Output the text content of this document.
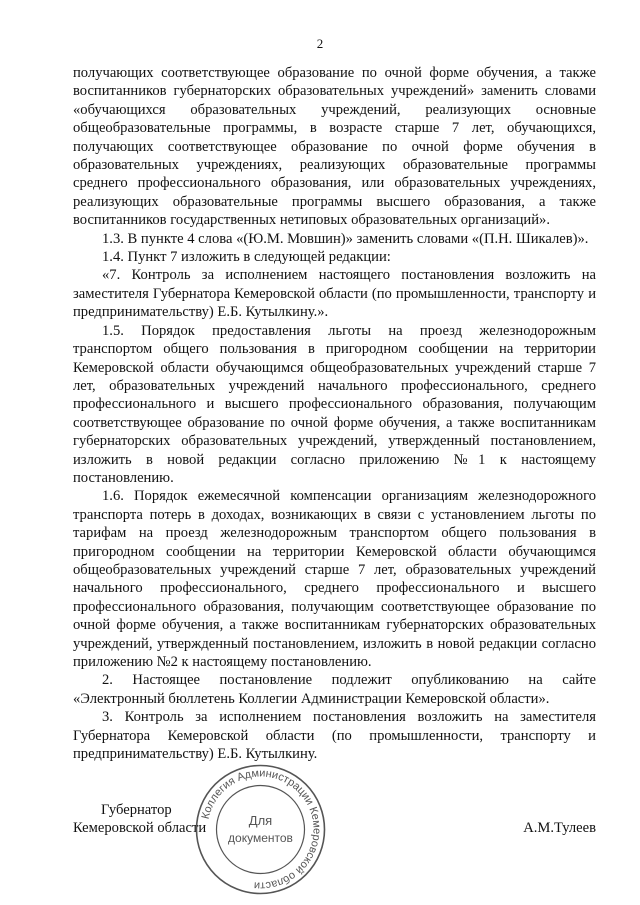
2

получающих соответствующее образование по очной форме обучения, а также воспитанников губернаторских образовательных учреждений» заменить словами «обучающихся образовательных учреждений, реализующих основные общеобразовательные программы, в возрасте старше 7 лет, обучающихся, получающих соответствующее образование по очной форме обучения в образовательных учреждениях, реализующих образовательные программы среднего профессионального образования, или образовательных учреждениях, реализующих образовательные программы высшего образования, а также воспитанников государственных нетиповых образовательных организаций».

1.3. В пункте 4 слова «(Ю.М. Мовшин)» заменить словами «(П.Н. Шикалев)».

1.4. Пункт 7 изложить в следующей редакции:

«7. Контроль за исполнением настоящего постановления возложить на заместителя Губернатора Кемеровской области (по промышленности, транспорту и предпринимательству) Е.Б. Кутылкину.».

1.5. Порядок предоставления льготы на проезд железнодорожным транспортом общего пользования в пригородном сообщении на территории Кемеровской области обучающимся общеобразовательных учреждений старше 7 лет, образовательных учреждений начального профессионального, среднего профессионального и высшего профессионального образования, получающим соответствующее образование по очной форме обучения, а также воспитанникам губернаторских образовательных учреждений, утвержденный постановлением, изложить в новой редакции согласно приложению №1 к настоящему постановлению.

1.6. Порядок ежемесячной компенсации организациям железнодорожного транспорта потерь в доходах, возникающих в связи с установлением льготы по тарифам на проезд железнодорожным транспортом общего пользования в пригородном сообщении на территории Кемеровской области обучающимся общеобразовательных учреждений старше 7 лет, образовательных учреждений начального профессионального, среднего профессионального и высшего профессионального образования, получающим соответствующее образование по очной форме обучения, а также воспитанникам губернаторских образовательных учреждений, утвержденный постановлением, изложить в новой редакции согласно приложению №2 к настоящему постановлению.

2. Настоящее постановление подлежит опубликованию на сайте «Электронный бюллетень Коллегии Администрации Кемеровской области».

3. Контроль за исполнением постановления возложить на заместителя Губернатора Кемеровской области (по промышленности, транспорту и предпринимательству) Е.Б. Кутылкину.

Губернатор
Кемеровской области	А.М.Тулеев
Коллегия Администрации Кемеровской области
Для
документов
